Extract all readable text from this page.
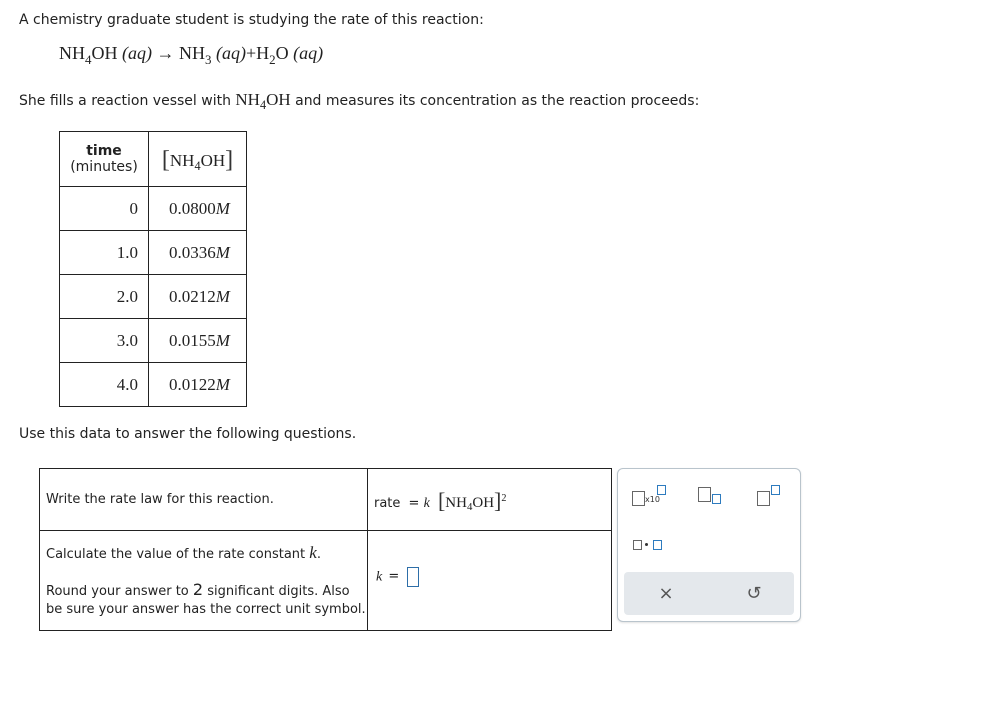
A chemistry graduate student is studying the rate of this reaction:
$NH_4OH$ $(aq) \to NH_3$ $(aq)+H_2O$ (aq)
She fills a reaction vessel with $NH_4OH$ and measures its concentration as the reaction proceeds:
time
(minutes)	$[NH_4OH]$
0	0.0800M
1.0	0.0336M
2.0	0.0212M
3.0	0.0155M
4.0	0.0122M
Use this data to answer the following questions.
Write the rate law for this reaction.	rate = k $[NH_4OH]^2$

Calculate the value of the rate constant k.
Round your answer to 2 significant digits. Also be sure your answer has the correct unit symbol.	k =
x10
×	↺
